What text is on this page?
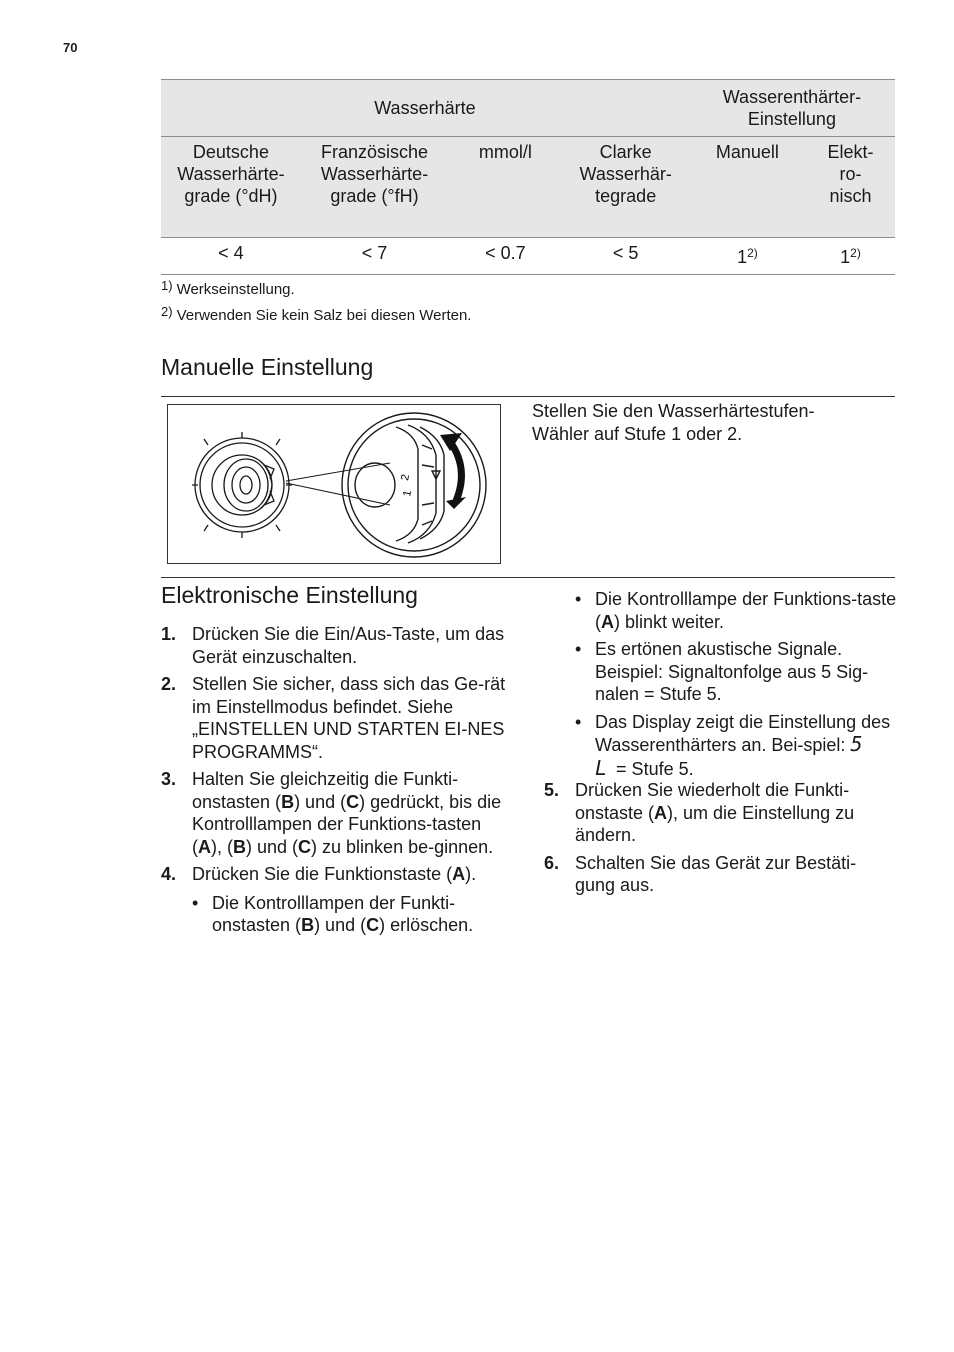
70
Wasserhärte				Wasserenthärter-
Einstellung	

Deutsche Wasserhärte-grade (°dH)	Französische Wasserhärte-grade (°fH)	mmol/l	Clarke Wasserhär-tegrade	Manuell	Elekt-ro-nisch

< 4	< 7	< 0.7	< 5	1$^{2)}$	1$^{2)}$
$^{1)}$ Werkseinstellung.
$^{2)}$ Verwenden Sie kein Salz bei diesen Werten.
Manuelle Einstellung
2
1

Stellen Sie den Wasserhärtestufen-
Wähler auf Stufe 1 oder 2.

Elektronische Einstellung
1. Drücken Sie die Ein/Aus-Taste, um das Gerät einzuschalten.
2. Stellen Sie sicher, dass sich das Ge-rät im Einstellmodus befindet. Siehe „EINSTELLEN UND STARTEN EI-NES PROGRAMMS“.
3. Halten Sie gleichzeitig die Funkti-onstasten (B) und (C) gedrückt, bis die Kontrolllampen der Funktions-tasten (A), (B) und (C) zu blinken be-ginnen.
4. Drücken Sie die Funktionstaste (A).
• Die Kontrolllampen der Funkti-onstasten (B) und (C) erlöschen.
• Die Kontrolllampe der Funktions-taste (A) blinkt weiter.
• Es ertönen akustische Signale. Beispiel: Signaltonfolge aus 5 Sig-nalen = Stufe 5.
• Das Display zeigt die Einstellung des Wasserenthärters an. Bei-spiel: 5 L = Stufe 5.
5. Drücken Sie wiederholt die Funkti-onstaste (A), um die Einstellung zu ändern.
6. Schalten Sie das Gerät zur Bestäti-gung aus.
